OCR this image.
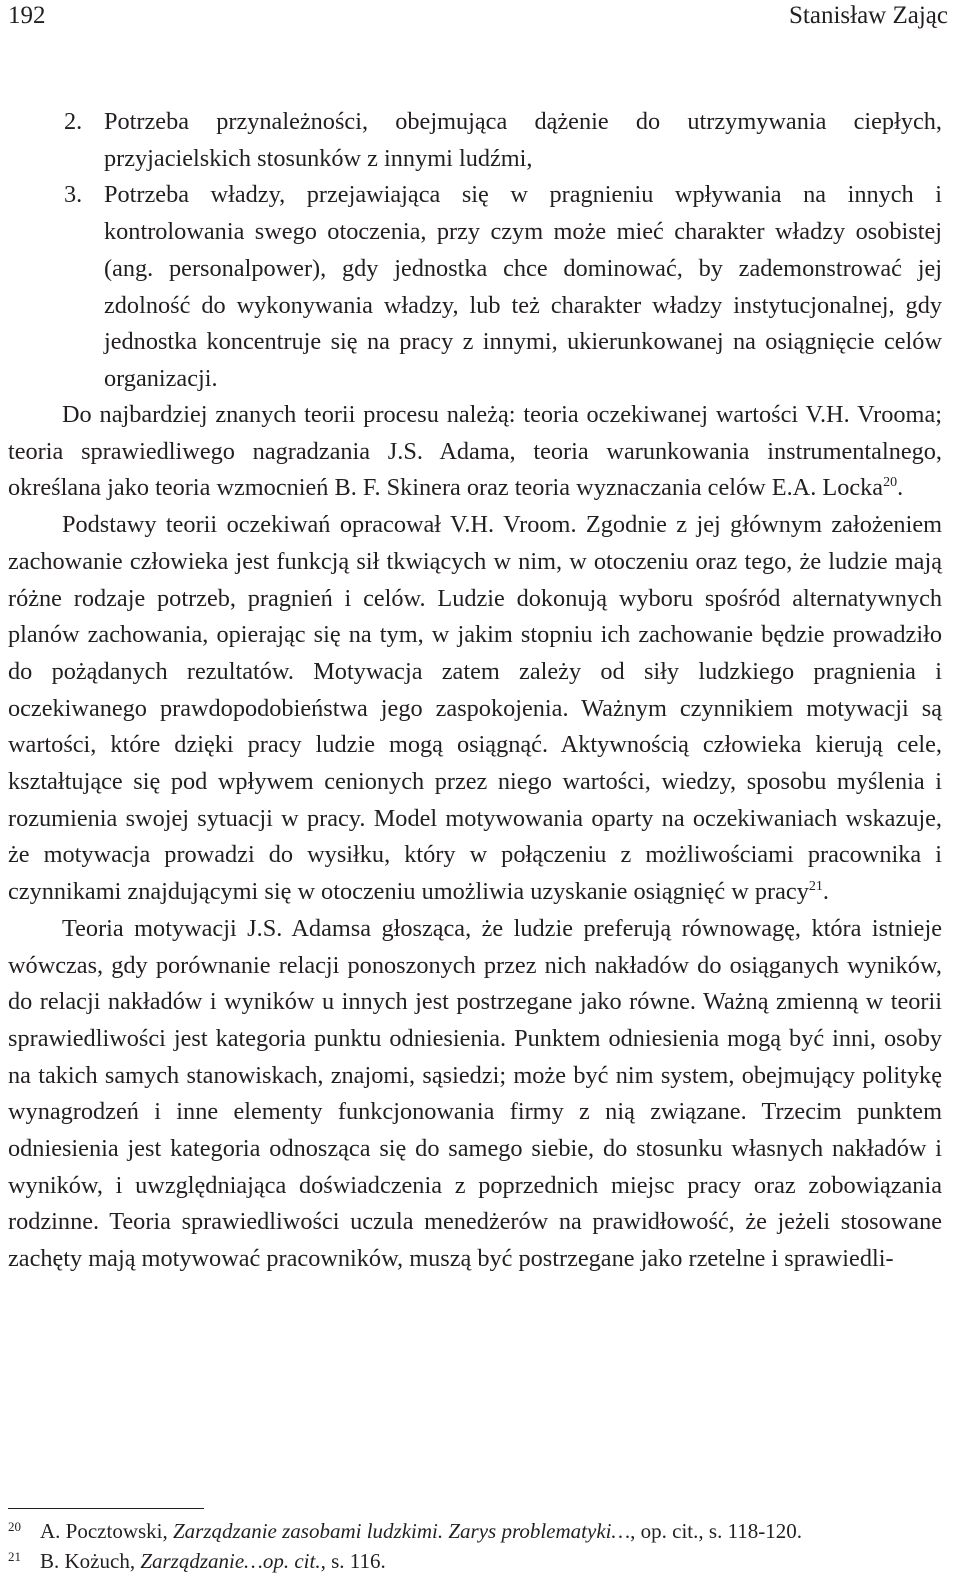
192	Stanisław Zając
2. Potrzeba przynależności, obejmująca dążenie do utrzymywania ciepłych, przyjacielskich stosunków z innymi ludźmi,
3. Potrzeba władzy, przejawiająca się w pragnieniu wpływania na innych i kontrolowania swego otoczenia, przy czym może mieć charakter władzy osobistej (ang. personalpower), gdy jednostka chce dominować, by zademonstrować jej zdolność do wykonywania władzy, lub też charakter władzy instytucjonalnej, gdy jednostka koncentruje się na pracy z innymi, ukierunkowanej na osiągnięcie celów organizacji.

Do najbardziej znanych teorii procesu należą: teoria oczekiwanej wartości V.H. Vrooma; teoria sprawiedliwego nagradzania J.S. Adama, teoria warunkowania instrumentalnego, określana jako teoria wzmocnień B. F. Skinera oraz teoria wyznaczania celów E.A. Locka$^{20}$.

Podstawy teorii oczekiwań opracował V.H. Vroom. Zgodnie z jej głównym założeniem zachowanie człowieka jest funkcją sił tkwiących w nim, w otoczeniu oraz tego, że ludzie mają różne rodzaje potrzeb, pragnień i celów. Ludzie dokonują wyboru spośród alternatywnych planów zachowania, opierając się na tym, w jakim stopniu ich zachowanie będzie prowadziło do pożądanych rezultatów. Motywacja zatem zależy od siły ludzkiego pragnienia i oczekiwanego prawdopodobieństwa jego zaspokojenia. Ważnym czynnikiem motywacji są wartości, które dzięki pracy ludzie mogą osiągnąć. Aktywnością człowieka kierują cele, kształtujące się pod wpływem cenionych przez niego wartości, wiedzy, sposobu myślenia i rozumienia swojej sytuacji w pracy. Model motywowania oparty na oczekiwaniach wskazuje, że motywacja prowadzi do wysiłku, który w połączeniu z możliwościami pracownika i czynnikami znajdującymi się w otoczeniu umożliwia uzyskanie osiągnięć w pracy$^{21}$.

Teoria motywacji J.S. Adamsa głosząca, że ludzie preferują równowagę, która istnieje wówczas, gdy porównanie relacji ponoszonych przez nich nakładów do osiąganych wyników, do relacji nakładów i wyników u innych jest postrzegane jako równe. Ważną zmienną w teorii sprawiedliwości jest kategoria punktu odniesienia. Punktem odniesienia mogą być inni, osoby na takich samych stanowiskach, znajomi, sąsiedzi; może być nim system, obejmujący politykę wynagrodzeń i inne elementy funkcjonowania firmy z nią związane. Trzecim punktem odniesienia jest kategoria odnosząca się do samego siebie, do stosunku własnych nakładów i wyników, i uwzględniająca doświadczenia z poprzednich miejsc pracy oraz zobowiązania rodzinne. Teoria sprawiedliwości uczula menedżerów na prawidłowość, że jeżeli stosowane zachęty mają motywować pracowników, muszą być postrzegane jako rzetelne i sprawiedli-

20 A. Pocztowski, Zarządzanie zasobami ludzkimi. Zarys problematyki…, op. cit., s. 118-120.
21 B. Kożuch, Zarządzanie…op. cit., s. 116.
